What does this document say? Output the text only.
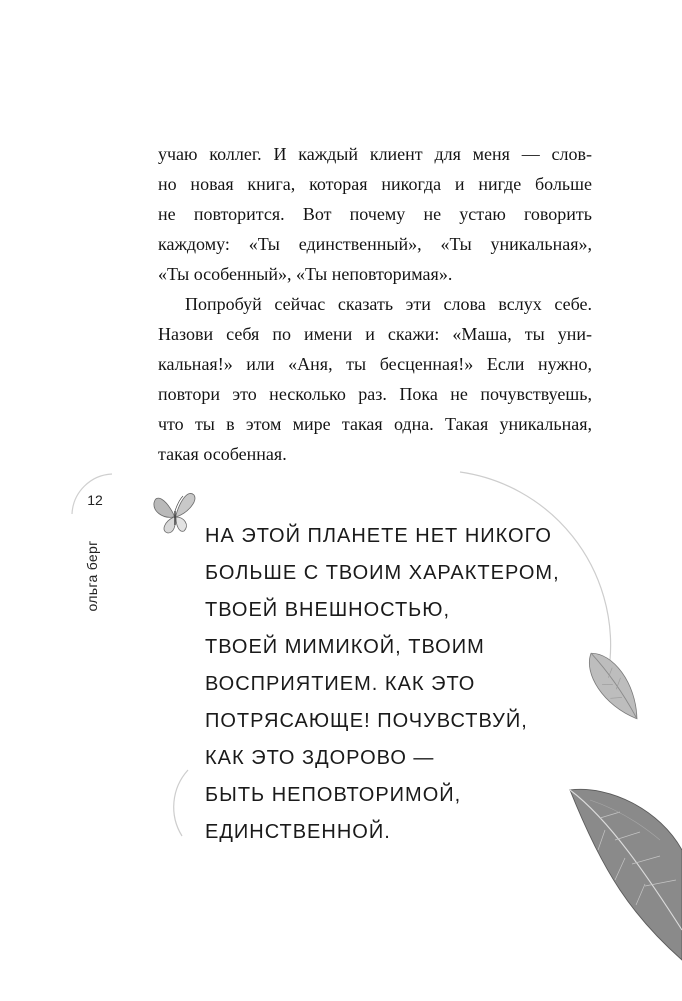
учаю коллег. И каждый клиент для меня — слов-
но новая книга, которая никогда и нигде больше
не повторится. Вот почему не устаю говорить
каждому: «Ты единственный», «Ты уникальная»,
«Ты особенный», «Ты неповторимая».
Попробуй сейчас сказать эти слова вслух себе.
Назови себя по имени и скажи: «Маша, ты уни-
кальная!» или «Аня, ты бесценная!» Если нужно,
повтори это несколько раз. Пока не почувствуешь,
что ты в этом мире такая одна. Такая уникальная,
такая особенная.
12
ольга берг
НА ЭТОЙ ПЛАНЕТЕ НЕТ НИКОГО
БОЛЬШЕ С ТВОИМ ХАРАКТЕРОМ,
ТВОЕЙ ВНЕШНОСТЬЮ,
ТВОЕЙ МИМИКОЙ, ТВОИМ
ВОСПРИЯТИЕМ. КАК ЭТО
ПОТРЯСАЮЩЕ! ПОЧУВСТВУЙ,
КАК ЭТО ЗДОРОВО —
БЫТЬ НЕПОВТОРИМОЙ,
ЕДИНСТВЕННОЙ.
